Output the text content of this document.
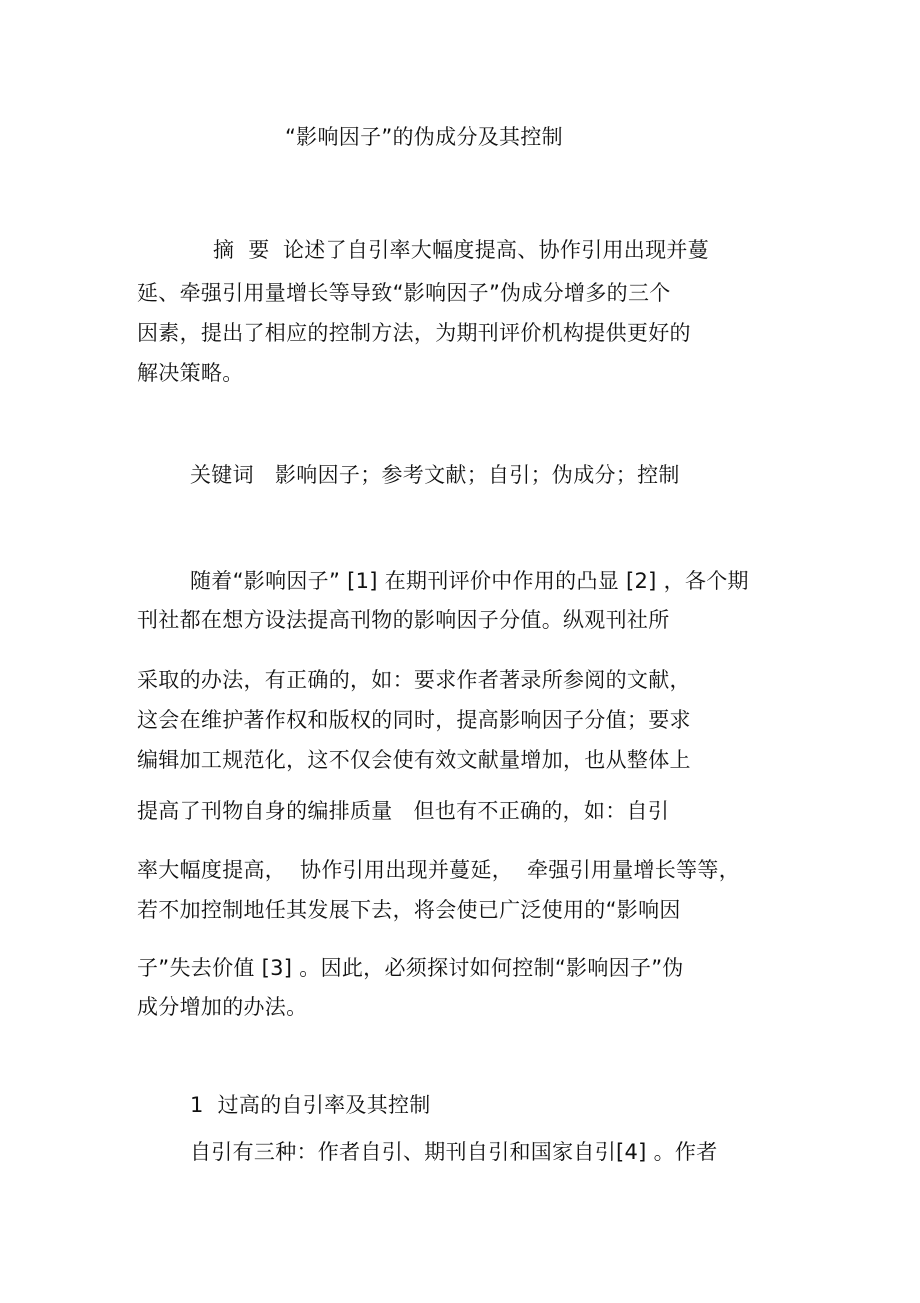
“影响因子”的伪成分及其控制
摘  要 论述了自引率大幅度提高、协作引用出现并蔓
延、牵强引用量增长等导致“影响因子”伪成分增多的三个
因素，提出了相应的控制方法，为期刊评价机构提供更好的
解决策略。
关键词 影响因子；参考文献；自引；伪成分；控制
随着“影响因子” [1] 在期刊评价中作用的凸显 [2] ，各个期
刊社都在想方设法提高刊物的影响因子分值。纵观刊社所
采取的办法，有正确的，如：要求作者著录所参阅的文献，
这会在维护著作权和版权的同时，提高影响因子分值；要求
编辑加工规范化，这不仅会使有效文献量增加，也从整体上
提高了刊物自身的编排质量   但也有不正确的，如：自引
率大幅度提高，  协作引用出现并蔓延，  牵强引用量增长等等，
若不加控制地任其发展下去，将会使已广泛使用的“影响因
子”失去价值 [3] 。因此，必须探讨如何控制“影响因子”伪
成分增加的办法。
1  过高的自引率及其控制
自引有三种：作者自引、期刊自引和国家自引[4] 。作者
